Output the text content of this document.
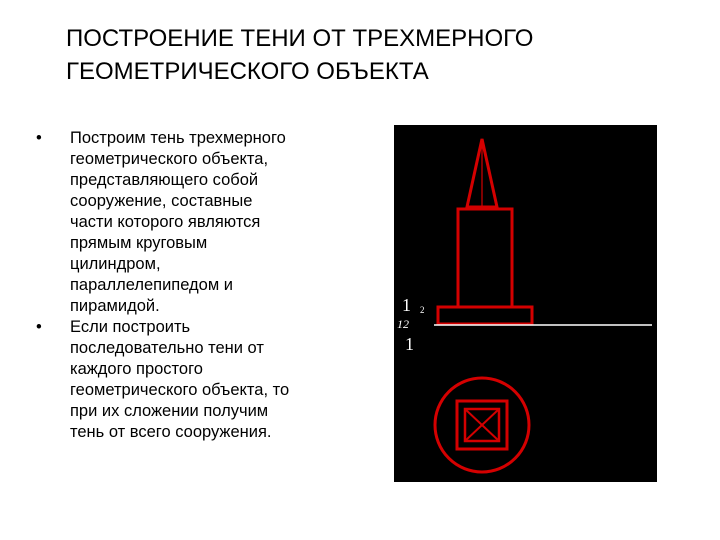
ПОСТРОЕНИЕ ТЕНИ ОТ ТРЕХМЕРНОГО
ГЕОМЕТРИЧЕСКОГО ОБЪЕКТА
•	Построим тень трехмерного
геометрического объекта,
представляющего собой
сооружение, составные
части которого являются
прямым круговым
цилиндром,
параллелепипедом и
пирамидой.
•	Если построить
последовательно тени от
каждого простого
геометрического объекта, то
при их сложении получим
тень от всего сооружения.
1 2
12
1
